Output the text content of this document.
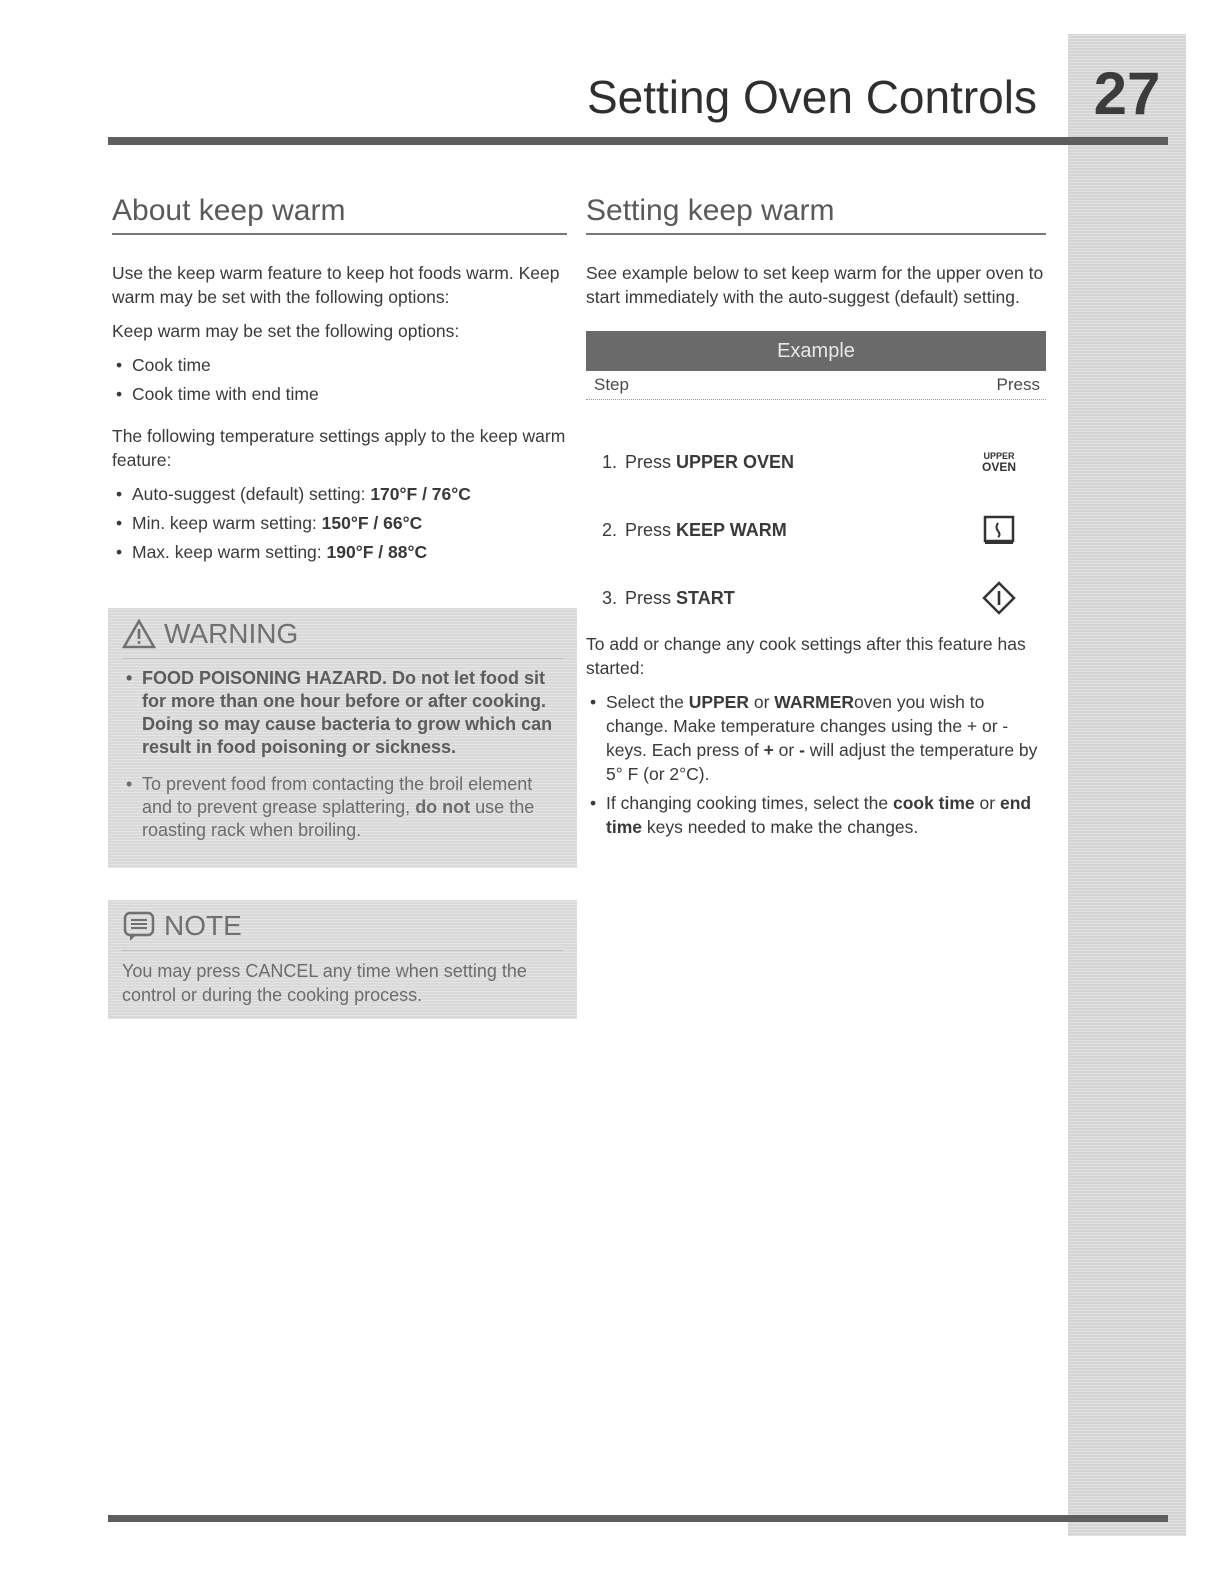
27
Setting Oven Controls
About keep warm

Use the keep warm feature to keep hot foods warm. Keep warm may be set with the following options:

Keep warm may be set the following options:

• Cook time
• Cook time with end time

The following temperature settings apply to the keep warm feature:

• Auto-suggest (default) setting: 170°F / 76°C
• Min. keep warm setting: 150°F / 66°C
• Max. keep warm setting: 190°F / 88°C
WARNING
• FOOD POISONING HAZARD. Do not let food sit for more than one hour before or after cooking. Doing so may cause bacteria to grow which can result in food poisoning or sickness.
• To prevent food from contacting the broil element and to prevent grease splattering, do not use the roasting rack when broiling.
NOTE
You may press CANCEL any time when setting the control or during the cooking process.
Setting keep warm

See example below to set keep warm for the upper oven to start immediately with the auto-suggest (default) setting.

Example
Step	Press
1. Press UPPER OVEN	UPPER
OVEN
2. Press KEEP WARM
3. Press START

To add or change any cook settings after this feature has started:

• Select the UPPER or WARMERoven you wish to change. Make temperature changes using the + or - keys. Each press of + or - will adjust the temperature by 5° F (or 2°C).
• If changing cooking times, select the cook time or end time keys needed to make the changes.
